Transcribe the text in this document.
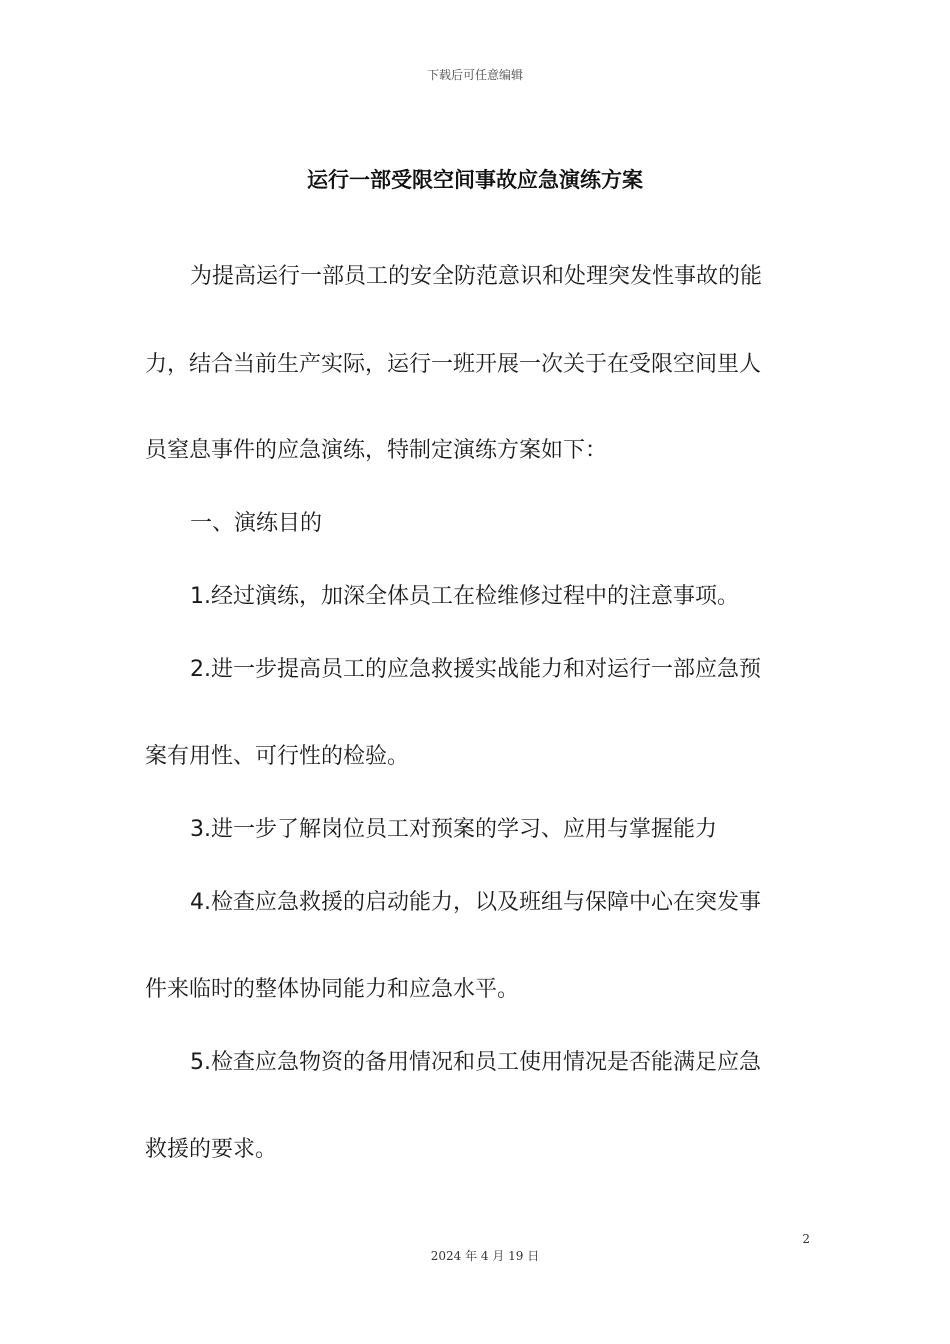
下载后可任意编辑
运行一部受限空间事故应急演练方案
为提高运行一部员工的安全防范意识和处理突发性事故的能
力，结合当前生产实际，运行一班开展一次关于在受限空间里人
员窒息事件的应急演练，特制定演练方案如下：
一、演练目的
1.经过演练，加深全体员工在检维修过程中的注意事项。
2.进一步提高员工的应急救援实战能力和对运行一部应急预
案有用性、可行性的检验。
3.进一步了解岗位员工对预案的学习、应用与掌握能力
4.检查应急救援的启动能力，以及班组与保障中心在突发事
件来临时的整体协同能力和应急水平。
5.检查应急物资的备用情况和员工使用情况是否能满足应急
救援的要求。
2
2024 年 4 月 19 日
